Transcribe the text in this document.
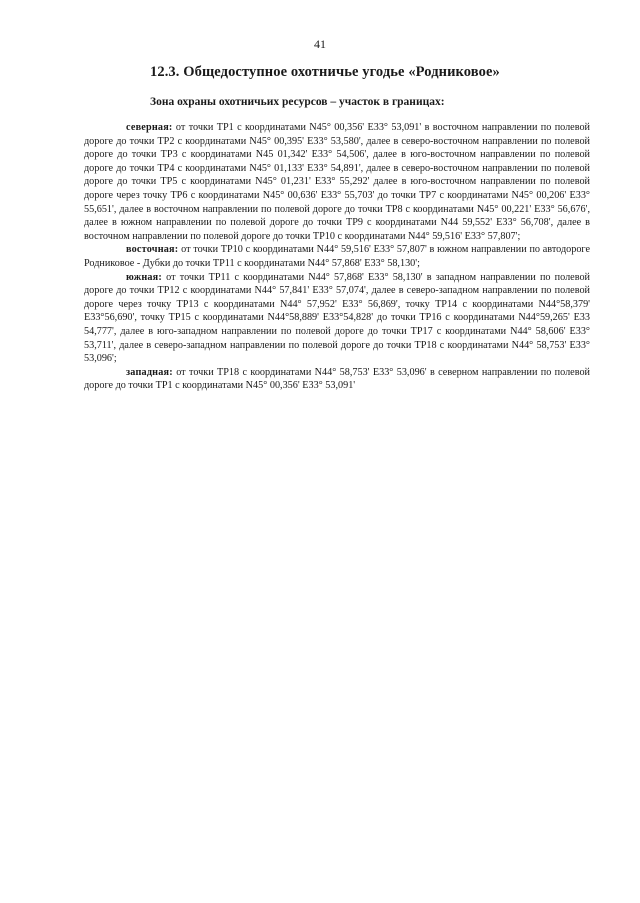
41
12.3. Общедоступное охотничье угодье «Родниковое»
Зона охраны охотничьих ресурсов – участок в границах:

северная: от точки ТР1 с координатами N45° 00,356' E33° 53,091' в восточном направлении по полевой дороге до точки ТР2 с координатами N45° 00,395' E33° 53,580', далее в северо-восточном направлении по полевой дороге до точки ТР3 с координатами N45 01,342' E33° 54,506', далее в юго-восточном направлении по полевой дороге до точки ТР4 с координатами N45° 01,133' E33° 54,891', далее в северо-восточном направлении по полевой дороге до точки ТР5 с координатами N45° 01,231' E33° 55,292' далее в юго-восточном направлении по полевой дороге через точку ТР6 с координатами N45° 00,636' E33° 55,703' до точки ТР7 с координатами N45° 00,206' E33° 55,651', далее в восточном направлении по полевой дороге до точки ТР8 с координатами N45° 00,221' E33° 56,676', далее в южном направлении по полевой дороге до точки ТР9 с координатами N44 59,552' E33° 56,708', далее в восточном направлении по полевой дороге до точки ТР10 с координатами N44° 59,516' E33° 57,807';

восточная: от точки ТР10 с координатами N44° 59,516' E33° 57,807' в южном направлении по автодороге Родниковое - Дубки до точки ТР11 с координатами N44° 57,868' E33° 58,130';

южная: от точки ТР11 с координатами N44° 57,868' E33° 58,130' в западном направлении по полевой дороге до точки ТР12 с координатами N44° 57,841' E33° 57,074', далее в северо-западном направлении по полевой дороге через точку ТР13 с координатами N44° 57,952' E33° 56,869', точку ТР14 с координатами N44°58,379' E33°56,690', точку ТР15 с координатами N44°58,889' E33°54,828' до точки ТР16 с координатами N44°59,265' E33 54,777', далее в юго-западном направлении по полевой дороге до точки ТР17 с координатами N44° 58,606' E33° 53,711', далее в северо-западном направлении по полевой дороге до точки ТР18 с координатами N44° 58,753' E33° 53,096';

западная: от точки ТР18 с координатами N44° 58,753' E33° 53,096' в северном направлении по полевой дороге до точки ТР1 с координатами N45° 00,356' E33° 53,091'
